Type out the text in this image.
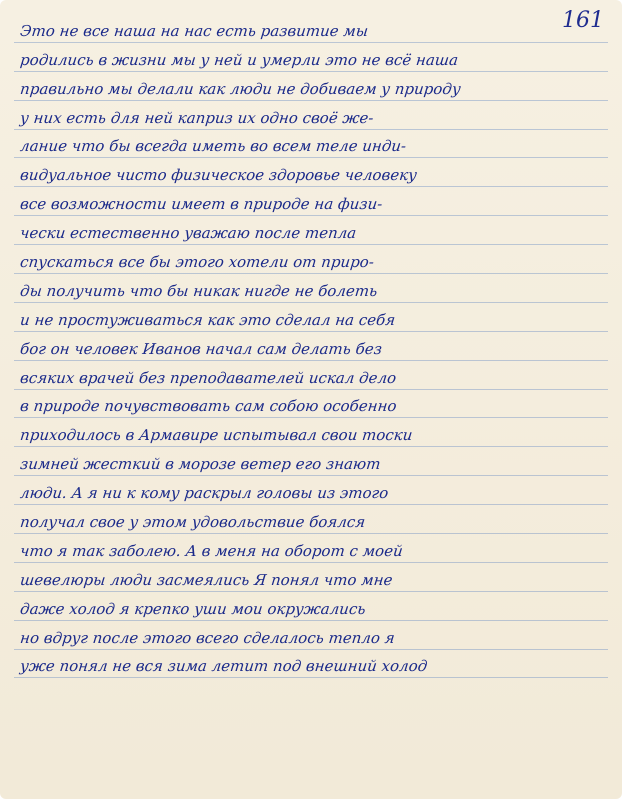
161
Это не все наша на нас есть развитие мы
родились в жизни мы у ней и умерли это не всё наша
правильно мы делали как люди не добиваем у природу
у них есть для ней каприз их одно своё же-
лание что бы всегда иметь во всем теле инди-
видуальное чисто физическое здоровье человеку
все возможности имеет в природе на физи-
чески естественно уважаю после тепла
спускаться все бы этого хотели от приро-
ды получить что бы никак нигде не болеть
и не простуживаться как это сделал на себя
бог он человек Иванов начал сам делать без
всяких врачей без преподавателей искал дело
в природе почувствовать сам собою особенно
приходилось в Армавире испытывал свои тоски
зимней жесткий в морозе ветер его знают
люди. А я ни к кому раскрыл головы из этого
получал свое у этом удовольствие боялся
что я так заболею. А в меня на оборот с моей
шевелюры люди засмеялись Я понял что мне
даже холод я крепко уши мои окружались
но вдруг после этого всего сделалось тепло я
уже понял не вся зима летит под внешний холод
